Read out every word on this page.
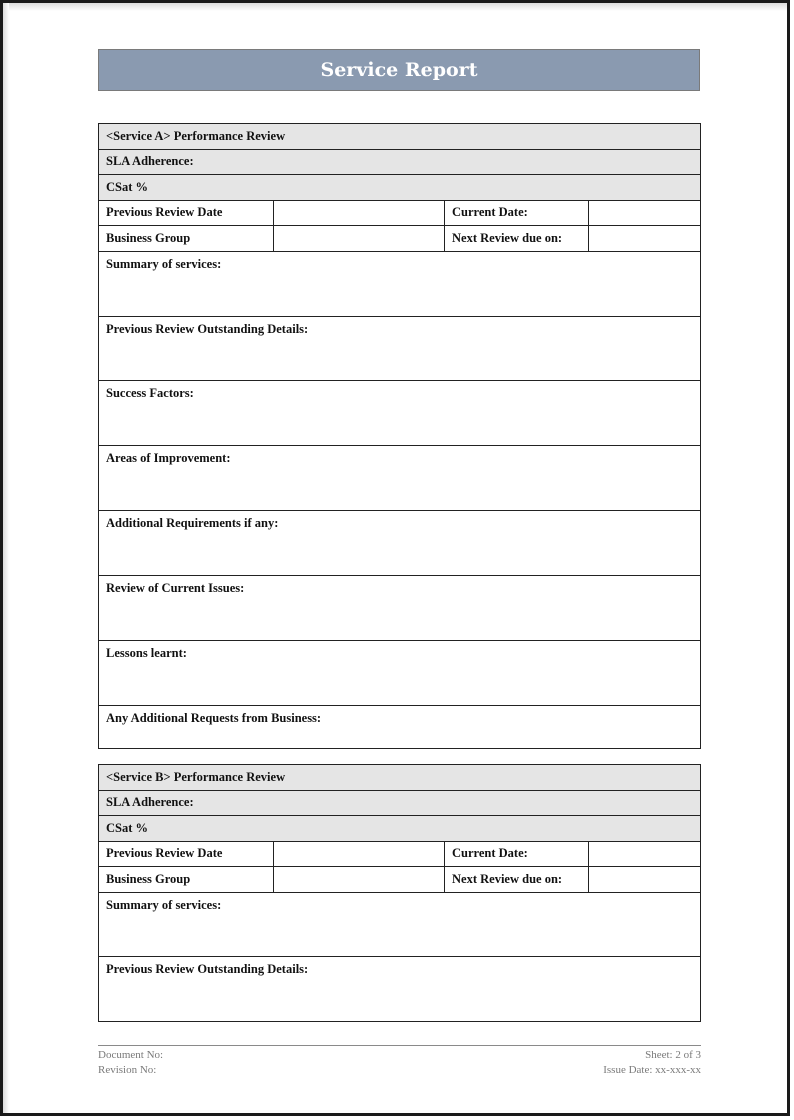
Service Report
<Service A> Performance Review			
SLA Adherence:			
CSat %			
Previous Review Date		Current Date:	
Business Group		Next Review due on:	
Summary of services:			
Previous Review Outstanding Details:			
Success Factors:			
Areas of Improvement:			
Additional Requirements if any:			
Review of Current Issues:			
Lessons learnt:			
Any Additional Requests from Business:			
<Service B> Performance Review			
SLA Adherence:			
CSat %			
Previous Review Date		Current Date:	
Business Group		Next Review due on:	
Summary of services:			
Previous Review Outstanding Details:			
Document No:	Sheet: 2 of 3
Revision No:	Issue Date: xx-xxx-xx
